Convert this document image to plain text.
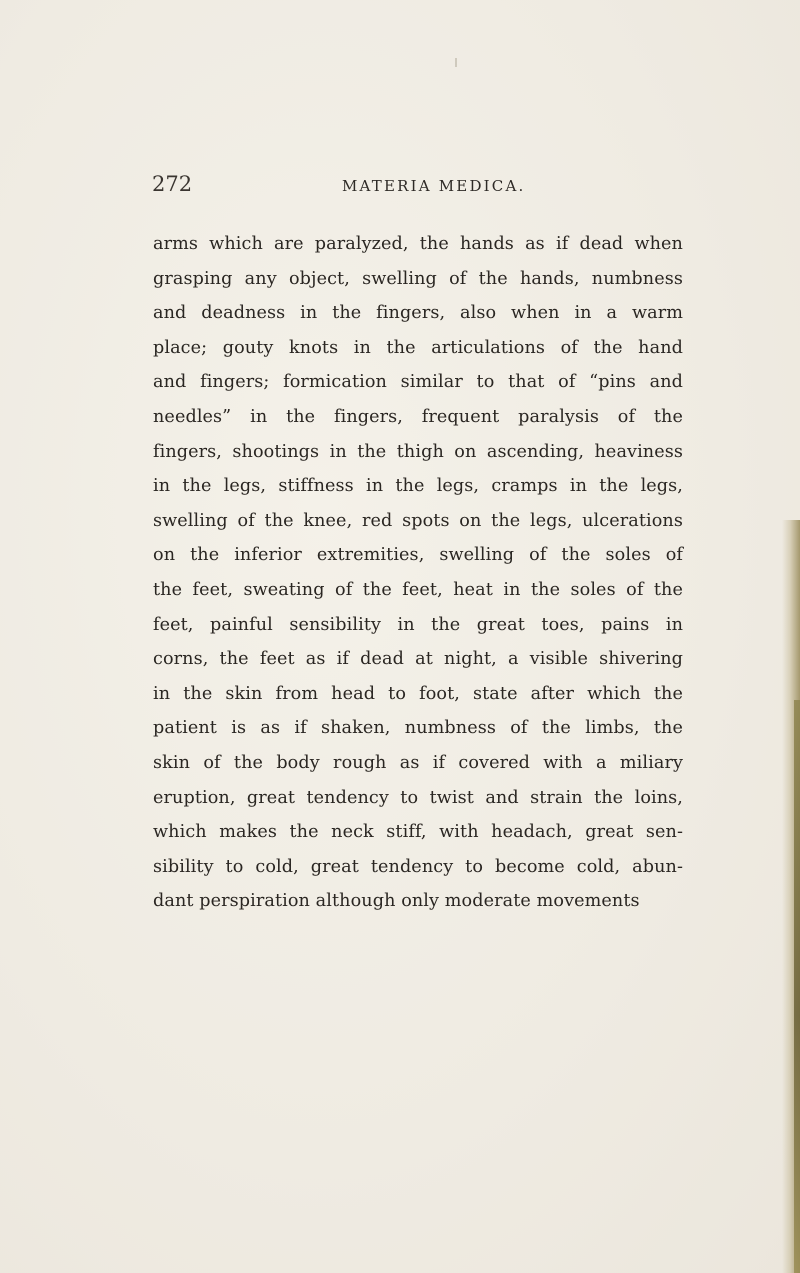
272	MATERIA MEDICA.
arms which are paralyzed, the hands as if dead when
grasping any object, swelling of the hands, numbness
and deadness in the fingers, also when in a warm
place; gouty knots in the articulations of the hand
and fingers; formication similar to that of “pins and
needles” in the fingers, frequent paralysis of the
fingers, shootings in the thigh on ascending, heaviness
in the legs, stiffness in the legs, cramps in the legs,
swelling of the knee, red spots on the legs, ulcerations
on the inferior extremities, swelling of the soles of
the feet, sweating of the feet, heat in the soles of the
feet, painful sensibility in the great toes, pains in
corns, the feet as if dead at night, a visible shivering
in the skin from head to foot, state after which the
patient is as if shaken, numbness of the limbs, the
skin of the body rough as if covered with a miliary
eruption, great tendency to twist and strain the loins,
which makes the neck stiff, with headach, great sen-
sibility to cold, great tendency to become cold, abun-
dant perspiration although only moderate movements
